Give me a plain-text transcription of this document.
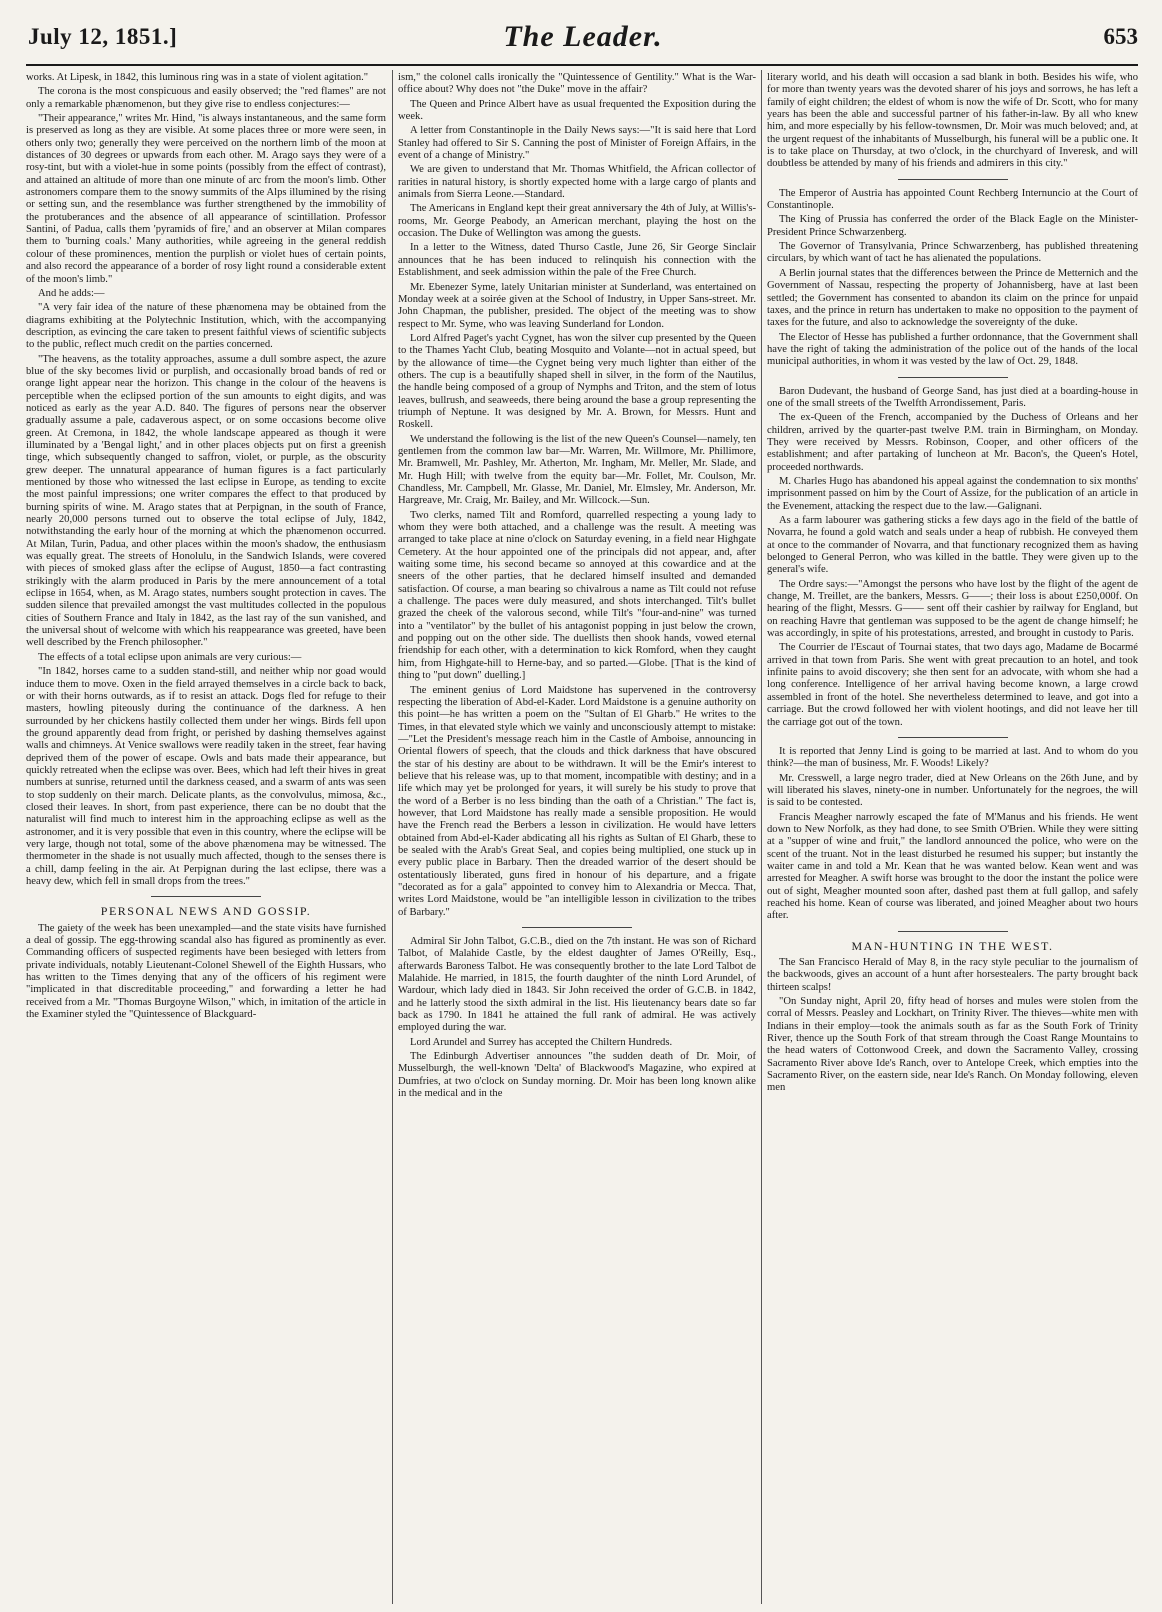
July 12, 1851.]	The Leader.	653

works. At Lipesk, in 1842, this luminous ring was in a state of violent agitation."

The corona is the most conspicuous and easily observed; the "red flames" are not only a remarkable phænomenon, but they give rise to endless conjectures:—

"Their appearance," writes Mr. Hind, "is always instantaneous, and the same form is preserved as long as they are visible. At some places three or more were seen, in others only two; generally they were perceived on the northern limb of the moon at distances of 30 degrees or upwards from each other. M. Arago says they were of a rosy-tint, but with a violet-hue in some points (possibly from the effect of contrast), and attained an altitude of more than one minute of arc from the moon's limb. Other astronomers compare them to the snowy summits of the Alps illumined by the rising or setting sun, and the resemblance was further strengthened by the immobility of the protuberances and the absence of all appearance of scintillation. Professor Santini, of Padua, calls them 'pyramids of fire,' and an observer at Milan compares them to 'burning coals.' Many authorities, while agreeing in the general reddish colour of these prominences, mention the purplish or violet hues of certain points, and also record the appearance of a border of rosy light round a considerable extent of the moon's limb."

And he adds:—

"A very fair idea of the nature of these phænomena may be obtained from the diagrams exhibiting at the Polytechnic Institution, which, with the accompanying description, as evincing the care taken to present faithful views of scientific subjects to the public, reflect much credit on the parties concerned.

"The heavens, as the totality approaches, assume a dull sombre aspect, the azure blue of the sky becomes livid or purplish, and occasionally broad bands of red or orange light appear near the horizon. This change in the colour of the heavens is perceptible when the eclipsed portion of the sun amounts to eight digits, and was noticed as early as the year A.D. 840. The figures of persons near the observer gradually assume a pale, cadaverous aspect, or on some occasions become olive green. At Cremona, in 1842, the whole landscape appeared as though it were illuminated by a 'Bengal light,' and in other places objects put on first a greenish tinge, which subsequently changed to saffron, violet, or purple, as the obscurity grew deeper. The unnatural appearance of human figures is a fact particularly mentioned by those who witnessed the last eclipse in Europe, as tending to excite the most painful impressions; one writer compares the effect to that produced by burning spirits of wine. M. Arago states that at Perpignan, in the south of France, nearly 20,000 persons turned out to observe the total eclipse of July, 1842, notwithstanding the early hour of the morning at which the phænomenon occurred. At Milan, Turin, Padua, and other places within the moon's shadow, the enthusiasm was equally great. The streets of Honolulu, in the Sandwich Islands, were covered with pieces of smoked glass after the eclipse of August, 1850—a fact contrasting strikingly with the alarm produced in Paris by the mere announcement of a total eclipse in 1654, when, as M. Arago states, numbers sought protection in caves. The sudden silence that prevailed amongst the vast multitudes collected in the populous cities of Southern France and Italy in 1842, as the last ray of the sun vanished, and the universal shout of welcome with which his reappearance was greeted, have been well described by the French philosopher."

The effects of a total eclipse upon animals are very curious:—

"In 1842, horses came to a sudden stand-still, and neither whip nor goad would induce them to move. Oxen in the field arrayed themselves in a circle back to back, or with their horns outwards, as if to resist an attack. Dogs fled for refuge to their masters, howling piteously during the continuance of the darkness. A hen surrounded by her chickens hastily collected them under her wings. Birds fell upon the ground apparently dead from fright, or perished by dashing themselves against walls and chimneys. At Venice swallows were readily taken in the street, fear having deprived them of the power of escape. Owls and bats made their appearance, but quickly retreated when the eclipse was over. Bees, which had left their hives in great numbers at sunrise, returned until the darkness ceased, and a swarm of ants was seen to stop suddenly on their march. Delicate plants, as the convolvulus, mimosa, &c., closed their leaves. In short, from past experience, there can be no doubt that the naturalist will find much to interest him in the approaching eclipse as well as the astronomer, and it is very possible that even in this country, where the eclipse will be very large, though not total, some of the above phænomena may be witnessed. The thermometer in the shade is not usually much affected, though to the senses there is a chill, damp feeling in the air. At Perpignan during the last eclipse, there was a heavy dew, which fell in small drops from the trees."

PERSONAL NEWS AND GOSSIP.

The gaiety of the week has been unexampled—and the state visits have furnished a deal of gossip. The egg-throwing scandal also has figured as prominently as ever. Commanding officers of suspected regiments have been besieged with letters from private individuals, notably Lieutenant-Colonel Shewell of the Eighth Hussars, who has written to the Times denying that any of the officers of his regiment were "implicated in that discreditable proceeding," and forwarding a letter he had received from a Mr. "Thomas Burgoyne Wilson," which, in imitation of the article in the Examiner styled the "Quintessence of Blackguard-

ism," the colonel calls ironically the "Quintessence of Gentility." What is the War-office about? Why does not "the Duke" move in the affair?

The Queen and Prince Albert have as usual frequented the Exposition during the week.

A letter from Constantinople in the Daily News says:—"It is said here that Lord Stanley had offered to Sir S. Canning the post of Minister of Foreign Affairs, in the event of a change of Ministry."

We are given to understand that Mr. Thomas Whitfield, the African collector of rarities in natural history, is shortly expected home with a large cargo of plants and animals from Sierra Leone.—Standard.

The Americans in England kept their great anniversary the 4th of July, at Willis's-rooms, Mr. George Peabody, an American merchant, playing the host on the occasion. The Duke of Wellington was among the guests.

In a letter to the Witness, dated Thurso Castle, June 26, Sir George Sinclair announces that he has been induced to relinquish his connection with the Establishment, and seek admission within the pale of the Free Church.

Mr. Ebenezer Syme, lately Unitarian minister at Sunderland, was entertained on Monday week at a soirée given at the School of Industry, in Upper Sans-street. Mr. John Chapman, the publisher, presided. The object of the meeting was to show respect to Mr. Syme, who was leaving Sunderland for London.

Lord Alfred Paget's yacht Cygnet, has won the silver cup presented by the Queen to the Thames Yacht Club, beating Mosquito and Volante—not in actual speed, but by the allowance of time—the Cygnet being very much lighter than either of the others. The cup is a beautifully shaped shell in silver, in the form of the Nautilus, the handle being composed of a group of Nymphs and Triton, and the stem of lotus leaves, bullrush, and seaweeds, there being around the base a group representing the triumph of Neptune. It was designed by Mr. A. Brown, for Messrs. Hunt and Roskell.

We understand the following is the list of the new Queen's Counsel—namely, ten gentlemen from the common law bar—Mr. Warren, Mr. Willmore, Mr. Phillimore, Mr. Bramwell, Mr. Pashley, Mr. Atherton, Mr. Ingham, Mr. Meller, Mr. Slade, and Mr. Hugh Hill; with twelve from the equity bar—Mr. Follet, Mr. Coulson, Mr. Chandless, Mr. Campbell, Mr. Glasse, Mr. Daniel, Mr. Elmsley, Mr. Anderson, Mr. Hargreave, Mr. Craig, Mr. Bailey, and Mr. Willcock.—Sun.

Two clerks, named Tilt and Romford, quarrelled respecting a young lady to whom they were both attached, and a challenge was the result. A meeting was arranged to take place at nine o'clock on Saturday evening, in a field near Highgate Cemetery. At the hour appointed one of the principals did not appear, and, after waiting some time, his second became so annoyed at this cowardice and at the sneers of the other parties, that he declared himself insulted and demanded satisfaction. Of course, a man bearing so chivalrous a name as Tilt could not refuse a challenge. The paces were duly measured, and shots interchanged. Tilt's bullet grazed the cheek of the valorous second, while Tilt's "four-and-nine" was turned into a "ventilator" by the bullet of his antagonist popping in just below the crown, and popping out on the other side. The duellists then shook hands, vowed eternal friendship for each other, with a determination to kick Romford, when they caught him, from Highgate-hill to Herne-bay, and so parted.—Globe. [That is the kind of thing to "put down" duelling.]

The eminent genius of Lord Maidstone has supervened in the controversy respecting the liberation of Abd-el-Kader. Lord Maidstone is a genuine authority on this point—he has written a poem on the "Sultan of El Gharb." He writes to the Times, in that elevated style which we vainly and unconsciously attempt to mistake:—"Let the President's message reach him in the Castle of Amboise, announcing in Oriental flowers of speech, that the clouds and thick darkness that have obscured the star of his destiny are about to be withdrawn. It will be the Emir's interest to believe that his release was, up to that moment, incompatible with destiny; and in a life which may yet be prolonged for years, it will surely be his study to prove that the word of a Berber is no less binding than the oath of a Christian." The fact is, however, that Lord Maidstone has really made a sensible proposition. He would have the French read the Berbers a lesson in civilization. He would have letters obtained from Abd-el-Kader abdicating all his rights as Sultan of El Gharb, these to be sealed with the Arab's Great Seal, and copies being multiplied, one stuck up in every public place in Barbary. Then the dreaded warrior of the desert should be ostentatiously liberated, guns fired in honour of his departure, and a frigate "decorated as for a gala" appointed to convey him to Alexandria or Mecca. That, writes Lord Maidstone, would be "an intelligible lesson in civilization to the tribes of Barbary."

Admiral Sir John Talbot, G.C.B., died on the 7th instant. He was son of Richard Talbot, of Malahide Castle, by the eldest daughter of James O'Reilly, Esq., afterwards Baroness Talbot. He was consequently brother to the late Lord Talbot de Malahide. He married, in 1815, the fourth daughter of the ninth Lord Arundel, of Wardour, which lady died in 1843. Sir John received the order of G.C.B. in 1842, and he latterly stood the sixth admiral in the list. His lieutenancy bears date so far back as 1790. In 1841 he attained the full rank of admiral. He was actively employed during the war.

Lord Arundel and Surrey has accepted the Chiltern Hundreds.

The Edinburgh Advertiser announces "the sudden death of Dr. Moir, of Musselburgh, the well-known 'Delta' of Blackwood's Magazine, who expired at Dumfries, at two o'clock on Sunday morning. Dr. Moir has been long known alike in the medical and in the

literary world, and his death will occasion a sad blank in both. Besides his wife, who for more than twenty years was the devoted sharer of his joys and sorrows, he has left a family of eight children; the eldest of whom is now the wife of Dr. Scott, who for many years has been the able and successful partner of his father-in-law. By all who knew him, and more especially by his fellow-townsmen, Dr. Moir was much beloved; and, at the urgent request of the inhabitants of Musselburgh, his funeral will be a public one. It is to take place on Thursday, at two o'clock, in the churchyard of Inveresk, and will doubtless be attended by many of his friends and admirers in this city."

The Emperor of Austria has appointed Count Rechberg Internuncio at the Court of Constantinople.

The King of Prussia has conferred the order of the Black Eagle on the Minister-President Prince Schwarzenberg.

The Governor of Transylvania, Prince Schwarzenberg, has published threatening circulars, by which want of tact he has alienated the populations.

A Berlin journal states that the differences between the Prince de Metternich and the Government of Nassau, respecting the property of Johannisberg, have at last been settled; the Government has consented to abandon its claim on the prince for unpaid taxes, and the prince in return has undertaken to make no opposition to the payment of taxes for the future, and also to acknowledge the sovereignty of the duke.

The Elector of Hesse has published a further ordonnance, that the Government shall have the right of taking the administration of the police out of the hands of the local municipal authorities, in whom it was vested by the law of Oct. 29, 1848.

Baron Dudevant, the husband of George Sand, has just died at a boarding-house in one of the small streets of the Twelfth Arrondissement, Paris.

The ex-Queen of the French, accompanied by the Duchess of Orleans and her children, arrived by the quarter-past twelve P.M. train in Birmingham, on Monday. They were received by Messrs. Robinson, Cooper, and other officers of the establishment; and after partaking of luncheon at Mr. Bacon's, the Queen's Hotel, proceeded northwards.

M. Charles Hugo has abandoned his appeal against the condemnation to six months' imprisonment passed on him by the Court of Assize, for the publication of an article in the Evenement, attacking the respect due to the law.—Galignani.

As a farm labourer was gathering sticks a few days ago in the field of the battle of Novarra, he found a gold watch and seals under a heap of rubbish. He conveyed them at once to the commander of Novarra, and that functionary recognized them as having belonged to General Perron, who was killed in the battle. They were given up to the general's wife.

The Ordre says:—"Amongst the persons who have lost by the flight of the agent de change, M. Treillet, are the bankers, Messrs. G——; their loss is about £250,000f. On hearing of the flight, Messrs. G—— sent off their cashier by railway for England, but on reaching Havre that gentleman was supposed to be the agent de change himself; he was accordingly, in spite of his protestations, arrested, and brought in custody to Paris.

The Courrier de l'Escaut of Tournai states, that two days ago, Madame de Bocarmé arrived in that town from Paris. She went with great precaution to an hotel, and took infinite pains to avoid discovery; she then sent for an advocate, with whom she had a long conference. Intelligence of her arrival having become known, a large crowd assembled in front of the hotel. She nevertheless determined to leave, and got into a carriage. But the crowd followed her with violent hootings, and did not leave her till the carriage got out of the town.

It is reported that Jenny Lind is going to be married at last. And to whom do you think?—the man of business, Mr. F. Woods! Likely?

Mr. Cresswell, a large negro trader, died at New Orleans on the 26th June, and by will liberated his slaves, ninety-one in number. Unfortunately for the negroes, the will is said to be contested.

Francis Meagher narrowly escaped the fate of M'Manus and his friends. He went down to New Norfolk, as they had done, to see Smith O'Brien. While they were sitting at a "supper of wine and fruit," the landlord announced the police, who were on the scent of the truant. Not in the least disturbed he resumed his supper; but instantly the waiter came in and told a Mr. Kean that he was wanted below. Kean went and was arrested for Meagher. A swift horse was brought to the door the instant the police were out of sight, Meagher mounted soon after, dashed past them at full gallop, and safely reached his home. Kean of course was liberated, and joined Meagher about two hours after.

MAN-HUNTING IN THE WEST.

The San Francisco Herald of May 8, in the racy style peculiar to the journalism of the backwoods, gives an account of a hunt after horsestealers. The party brought back thirteen scalps!

"On Sunday night, April 20, fifty head of horses and mules were stolen from the corral of Messrs. Peasley and Lockhart, on Trinity River. The thieves—white men with Indians in their employ—took the animals south as far as the South Fork of Trinity River, thence up the South Fork of that stream through the Coast Range Mountains to the head waters of Cottonwood Creek, and down the Sacramento Valley, crossing Sacramento River above Ide's Ranch, over to Antelope Creek, which empties into the Sacramento River, on the eastern side, near Ide's Ranch. On Monday following, eleven men
